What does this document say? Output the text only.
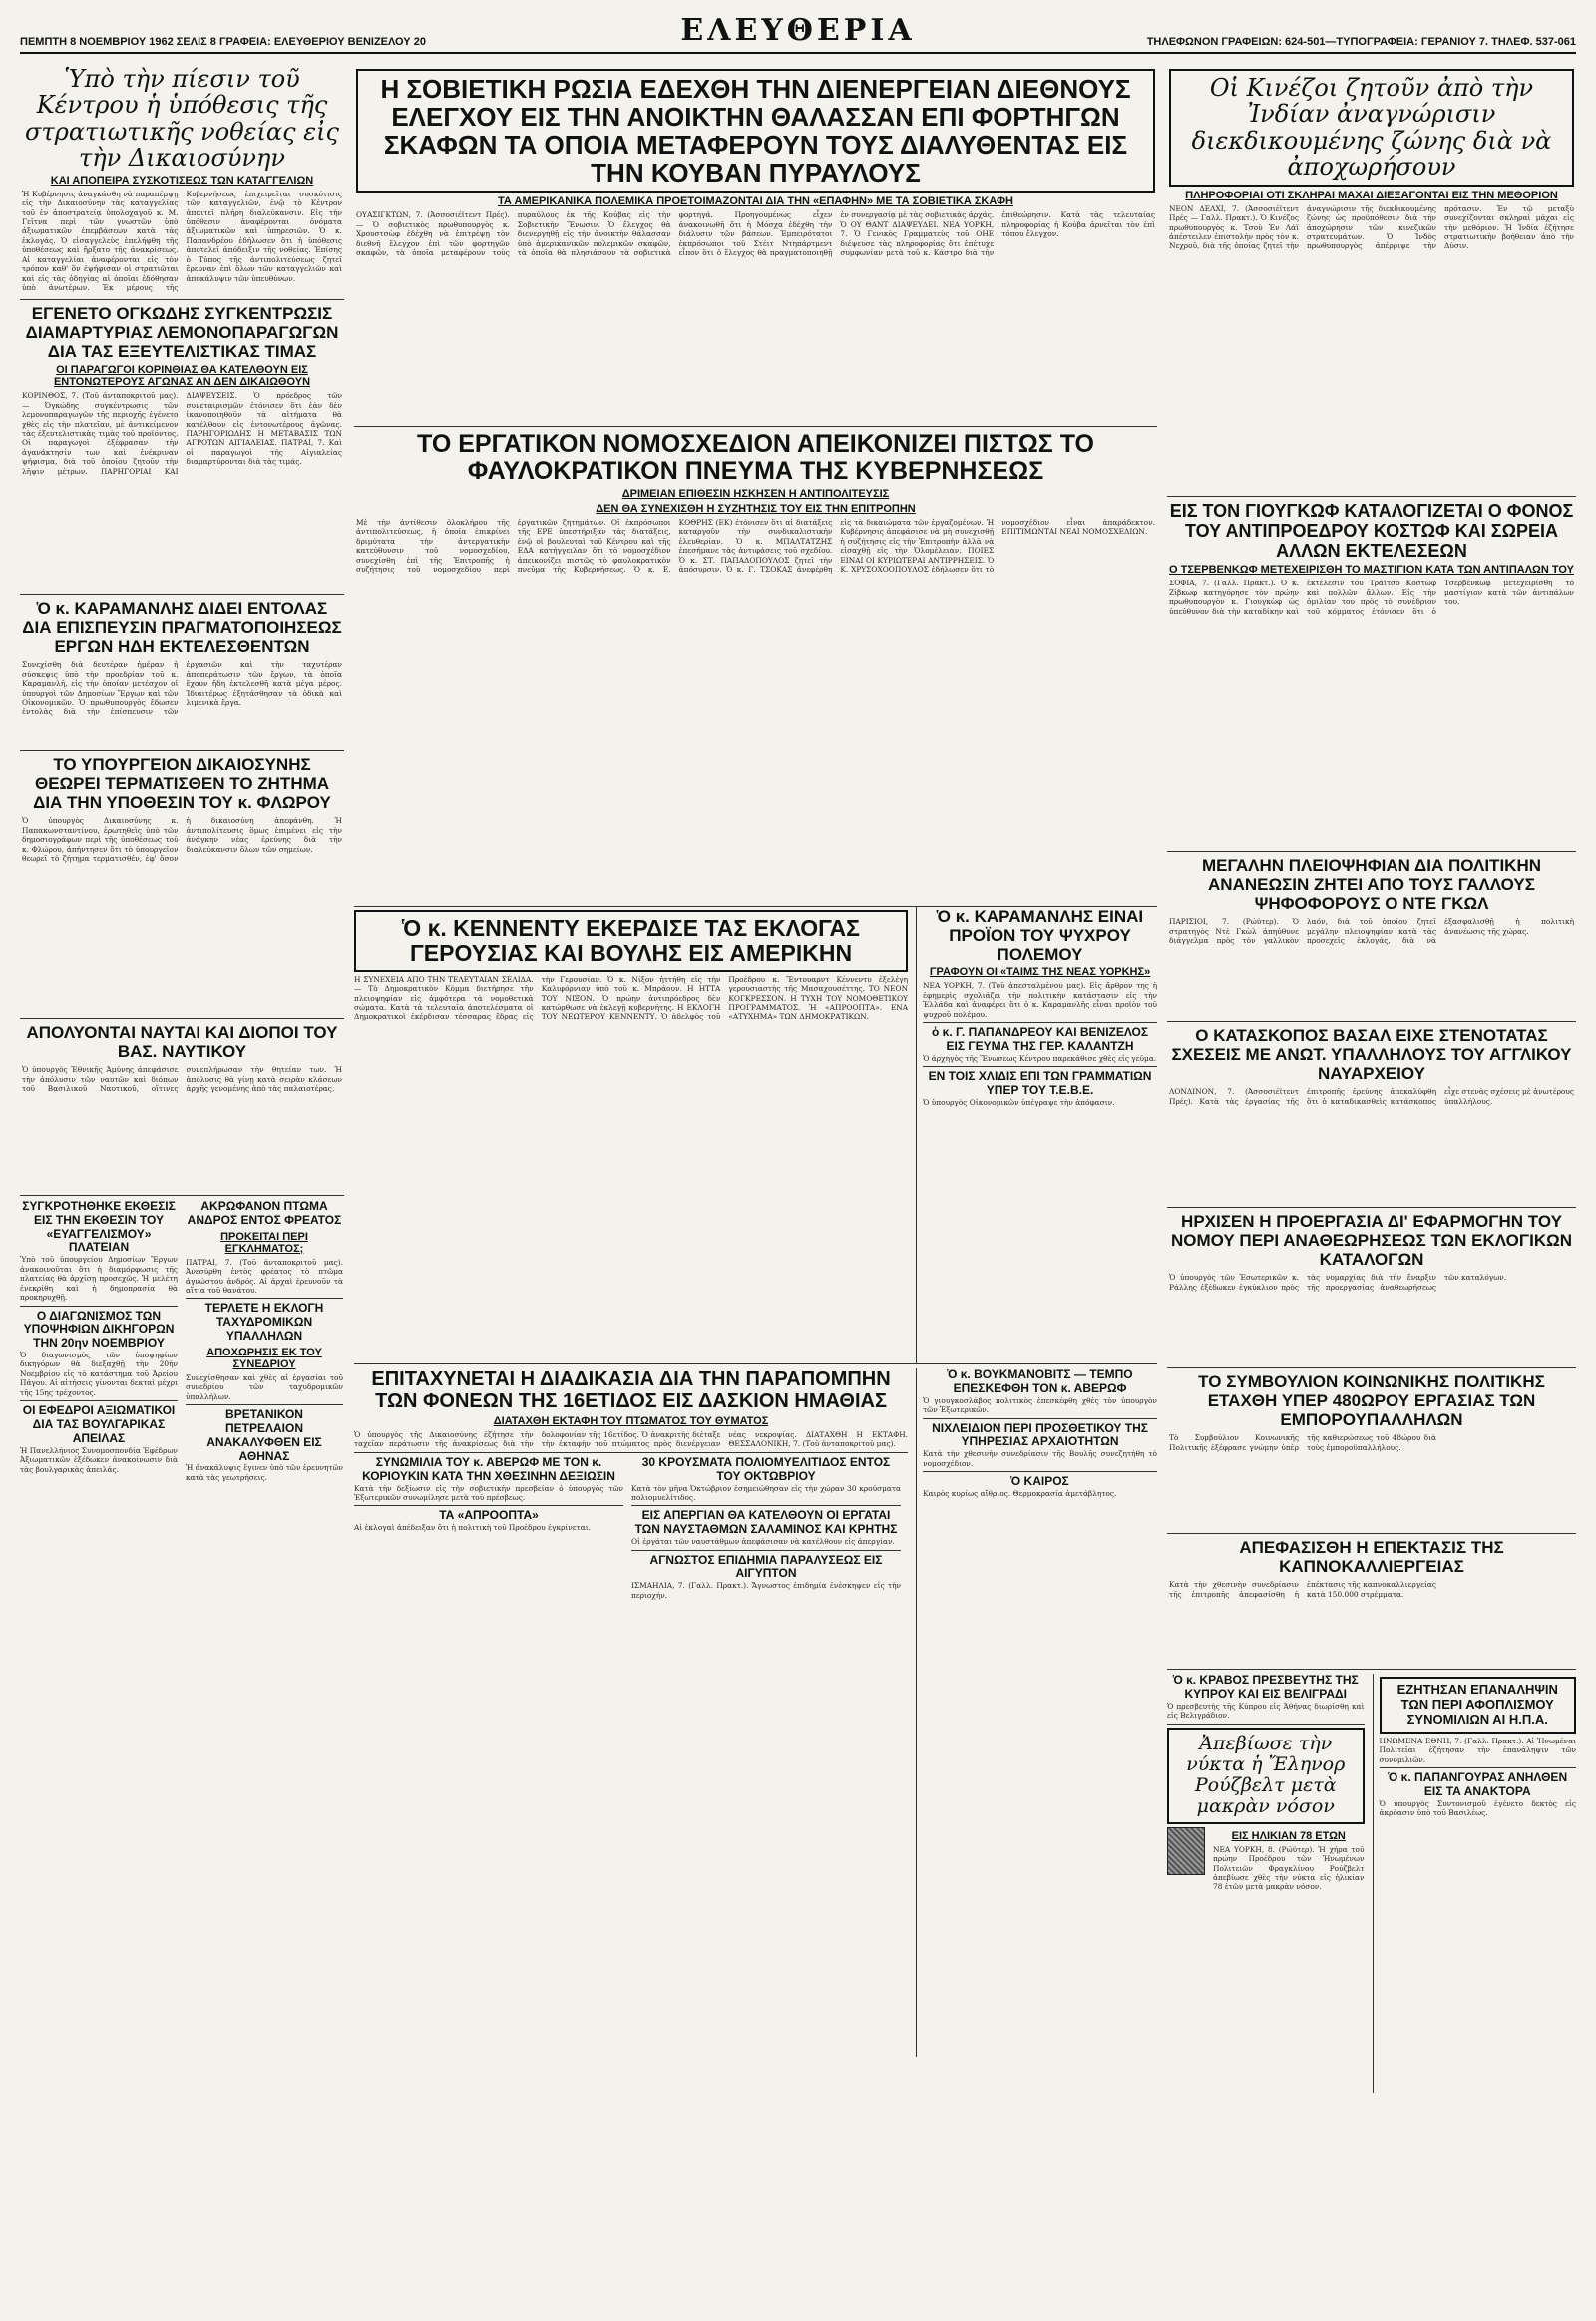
ΠΕΜΠΤΗ 8 ΝΟΕΜΒΡΙΟΥ 1962 ΣΕΛΙΣ 8 ΓΡΑΦΕΙΑ: ΕΛΕΥΘΕΡΙΟΥ ΒΕΝΙΖΕΛΟΥ 20	ΕΛΕΥΘΕΡΙΑ	ΤΗΛΕΦΩΝΟΝ ΓΡΑΦΕΙΩΝ: 624-501—ΤΥΠΟΓΡΑΦΕΙΑ: ΓΕΡΑΝΙΟΥ 7. ΤΗΛΕΦ. 537-061
Ὑπὸ τὴν πίεσιν τοῦ Κέντρου ἡ ὑπόθεσις τῆς στρατιωτικῆς νοθείας εἰς τὴν Δικαιοσύνην
ΚΑΙ ΑΠΟΠΕΙΡΑ ΣΥΣΚΟΤΙΣΕΩΣ ΤΩΝ ΚΑΤΑΓΓΕΛΙΩΝ
Ἡ Κυβέρνησις ἀναγκάσθη νὰ παραπέμψῃ εἰς τὴν Δικαιοσύνην τὰς καταγγελίας τοῦ ἐν ἀποστρατείᾳ ὑπολοχαγοῦ κ. Μ. Γεῖτνα περὶ τῶν γνωστῶν ὑπὸ ἀξιωματικῶν ἐπεμβάσεων κατὰ τὰς ἐκλογάς. Ὁ εἰσαγγελεὺς ἐπελήφθη τῆς ὑποθέσεως καὶ ἤρξατο τῆς ἀνακρίσεως. Αἱ καταγγελίαι ἀναφέρονται εἰς τὸν τρόπον καθ' ὃν ἐψήφισαν οἱ στρατιῶται καὶ εἰς τὰς ὁδηγίας αἱ ὁποῖαι ἐδόθησαν ὑπὸ ἀνωτέρων. Ἐκ μέρους τῆς Κυβερνήσεως ἐπιχειρεῖται συσκότισις τῶν καταγγελιῶν, ἐνῷ τὸ Κέντρον ἀπαιτεῖ πλήρη διαλεύκανσιν. Εἰς τὴν ὑπόθεσιν ἀναφέρονται ὀνόματα ἀξιωματικῶν καὶ ὑπηρεσιῶν. Ὁ κ. Παπανδρέου ἐδήλωσεν ὅτι ἡ ὑπόθεσις ἀποτελεῖ ἀπόδειξιν τῆς νοθείας. Ἐπίσης ὁ Τύπος τῆς ἀντιπολιτεύσεως ζητεῖ ἔρευναν ἐπὶ ὅλων τῶν καταγγελιῶν καὶ ἀποκάλυψιν τῶν ὑπευθύνων.
ΕΓΕΝΕΤΟ ΟΓΚΩΔΗΣ ΣΥΓΚΕΝΤΡΩΣΙΣ ΔΙΑΜΑΡΤΥΡΙΑΣ ΛΕΜΟΝΟΠΑΡΑΓΩΓΩΝ ΔΙΑ ΤΑΣ ΕΞΕΥΤΕΛΙΣΤΙΚΑΣ ΤΙΜΑΣ
ΟΙ ΠΑΡΑΓΩΓΟΙ ΚΟΡΙΝΘΙΑΣ ΘΑ ΚΑΤΕΛΘΟΥΝ ΕΙΣ ΕΝΤΟΝΩΤΕΡΟΥΣ ΑΓΩΝΑΣ ΑΝ ΔΕΝ ΔΙΚΑΙΩΘΟΥΝ
ΚΟΡΙΝΘΟΣ, 7. (Τοῦ ἀνταποκριτοῦ μας). — Ὀγκώδης συγκέντρωσις τῶν λεμονοπαραγωγῶν τῆς περιοχῆς ἐγένετο χθὲς εἰς τὴν πλατεῖαν, μὲ ἀντικείμενον τὰς ἐξευτελιστικὰς τιμὰς τοῦ προϊόντος. Οἱ παραγωγοὶ ἐξέφρασαν τὴν ἀγανάκτησίν των καὶ ἐνέκριναν ψήφισμα, διὰ τοῦ ὁποίου ζητοῦν τὴν λῆψιν μέτρων. ΠΑΡΗΓΟΡΙΑΙ ΚΑΙ ΔΙΑΨΕΥΣΕΙΣ. Ὁ πρόεδρος τῶν συνεταιρισμῶν ἐτόνισεν ὅτι ἐὰν δὲν ἱκανοποιηθοῦν τὰ αἰτήματα θὰ κατέλθουν εἰς ἐντονωτέρους ἀγῶνας. ΠΑΡΗΓΟΡΙΩΔΗΣ Η ΜΕΤΑΒΑΣΙΣ ΤΩΝ ΑΓΡΟΤΩΝ ΑΙΓΙΑΛΕΙΑΣ. ΠΑΤΡΑΙ, 7. Καὶ οἱ παραγωγοὶ τῆς Αἰγιαλείας διαμαρτύρονται διὰ τὰς τιμάς.
Ὁ κ. ΚΑΡΑΜΑΝΛΗΣ ΔΙΔΕΙ ΕΝΤΟΛΑΣ ΔΙΑ ΕΠΙΣΠΕΥΣΙΝ ΠΡΑΓΜΑΤΟΠΟΙΗΣΕΩΣ ΕΡΓΩΝ ΗΔΗ ΕΚΤΕΛΕΣΘΕΝΤΩΝ
Συνεχίσθη διὰ δευτέραν ἡμέραν ἡ σύσκεψις ὑπὸ τὴν προεδρίαν τοῦ κ. Καραμανλῆ, εἰς τὴν ὁποίαν μετέσχον οἱ ὑπουργοὶ τῶν Δημοσίων Ἔργων καὶ τῶν Οἰκονομικῶν. Ὁ πρωθυπουργὸς ἔδωσεν ἐντολὰς διὰ τὴν ἐπίσπευσιν τῶν ἐργασιῶν καὶ τὴν ταχυτέραν ἀποπεράτωσιν τῶν ἔργων, τὰ ὁποῖα ἔχουν ἤδη ἐκτελεσθῆ κατὰ μέγα μέρος. Ἰδιαιτέρως ἐξητάσθησαν τὰ ὁδικὰ καὶ λιμενικὰ ἔργα.
ΤΟ ΥΠΟΥΡΓΕΙΟΝ ΔΙΚΑΙΟΣΥΝΗΣ ΘΕΩΡΕΙ ΤΕΡΜΑΤΙΣΘΕΝ ΤΟ ΖΗΤΗΜΑ ΔΙΑ ΤΗΝ ΥΠΟΘΕΣΙΝ ΤΟΥ κ. ΦΛΩΡΟΥ
Ὁ ὑπουργὸς Δικαιοσύνης κ. Παπακωνσταντίνου, ἐρωτηθεὶς ὑπὸ τῶν δημοσιογράφων περὶ τῆς ὑποθέσεως τοῦ κ. Φλώρου, ἀπήντησεν ὅτι τὸ ὑπουργεῖον θεωρεῖ τὸ ζήτημα τερματισθέν, ἐφ' ὅσον ἡ δικαιοσύνη ἀπεφάνθη. Ἡ ἀντιπολίτευσις ὅμως ἐπιμένει εἰς τὴν ἀνάγκην νέας ἐρεύνης διὰ τὴν διαλεύκανσιν ὅλων τῶν σημείων.
ΑΠΟΛΥΟΝΤΑΙ ΝΑΥΤΑΙ ΚΑΙ ΔΙΟΠΟΙ ΤΟΥ ΒΑΣ. ΝΑΥΤΙΚΟΥ
Ὁ ὑπουργὸς Ἐθνικῆς Ἀμύνης ἀπεφάσισε τὴν ἀπόλυσιν τῶν ναυτῶν καὶ διόπων τοῦ Βασιλικοῦ Ναυτικοῦ, οἵτινες συνεπλήρωσαν τὴν θητείαν των. Ἡ ἀπόλυσις θὰ γίνῃ κατὰ σειρὰν κλάσεων ἀρχῆς γενομένης ἀπὸ τὰς παλαιοτέρας.
ΣΥΓΚΡΟΤΗΘΗΚΕ ΕΚΘΕΣΙΣ ΕΙΣ ΤΗΝ ΕΚΘΕΣΙΝ ΤΟΥ «ΕΥΑΓΓΕΛΙΣΜΟΥ» ΠΛΑΤΕΙΑΝ
Ὑπὸ τοῦ ὑπουργείου Δημοσίων Ἔργων ἀνακοινοῦται ὅτι ἡ διαμόρφωσις τῆς πλατείας θὰ ἀρχίσῃ προσεχῶς. Ἡ μελέτη ἐνεκρίθη καὶ ἡ δημοπρασία θὰ προκηρυχθῇ.
Ο ΔΙΑΓΩΝΙΣΜΟΣ ΤΩΝ ΥΠΟΨΗΦΙΩΝ ΔΙΚΗΓΟΡΩΝ ΤΗΝ 20ην ΝΟΕΜΒΡΙΟΥ
Ὁ διαγωνισμὸς τῶν ὑποψηφίων δικηγόρων θὰ διεξαχθῇ τὴν 20ὴν Νοεμβρίου εἰς τὸ κατάστημα τοῦ Ἀρείου Πάγου. Αἱ αἰτήσεις γίνονται δεκταὶ μέχρι τῆς 15ης τρέχοντος.
ΟΙ ΕΦΕΔΡΟΙ ΑΞΙΩΜΑΤΙΚΟΙ ΔΙΑ ΤΑΣ ΒΟΥΛΓΑΡΙΚΑΣ ΑΠΕΙΛΑΣ
Ἡ Πανελλήνιος Συνομοσπονδία Ἐφέδρων Ἀξιωματικῶν ἐξέδωκεν ἀνακοίνωσιν διὰ τὰς βουλγαρικὰς ἀπειλάς.
ΑΚΡΩΦΑΝΟΝ ΠΤΩΜΑ ΑΝΔΡΟΣ ΕΝΤΟΣ ΦΡΕΑΤΟΣ
ΠΡΟΚΕΙΤΑΙ ΠΕΡΙ ΕΓΚΛΗΜΑΤΟΣ;
ΠΑΤΡΑΙ, 7. (Τοῦ ἀνταποκριτοῦ μας). Ἀνεσύρθη ἐντὸς φρέατος τὸ πτῶμα ἀγνώστου ἀνδρός. Αἱ ἀρχαὶ ἐρευνοῦν τὰ αἴτια τοῦ θανάτου.
ΤΕΡΛΕΤΕ Η ΕΚΛΟΓΗ ΤΑΧΥΔΡΟΜΙΚΩΝ ΥΠΑΛΛΗΛΩΝ
ΑΠΟΧΩΡΗΣΙΣ ΕΚ ΤΟΥ ΣΥΝΕΔΡΙΟΥ
Συνεχίσθησαν καὶ χθὲς αἱ ἐργασίαι τοῦ συνεδρίου τῶν ταχυδρομικῶν ὑπαλλήλων.
ΒΡΕΤΑΝΙΚΟΝ ΠΕΤΡΕΛΑΙΟΝ ΑΝΑΚΑΛΥΦΘΕΝ ΕΙΣ ΑΘΗΝΑΣ
Ἡ ἀνακάλυψις ἔγινεν ὑπὸ τῶν ἐρευνητῶν κατὰ τὰς γεωτρήσεις.
Η ΣΟΒΙΕΤΙΚΗ ΡΩΣΙΑ ΕΔΕΧΘΗ ΤΗΝ ΔΙΕΝΕΡΓΕΙΑΝ ΔΙΕΘΝΟΥΣ ΕΛΕΓΧΟΥ ΕΙΣ ΤΗΝ ΑΝΟΙΚΤΗΝ ΘΑΛΑΣΣΑΝ ΕΠΙ ΦΟΡΤΗΓΩΝ ΣΚΑΦΩΝ ΤΑ ΟΠΟΙΑ ΜΕΤΑΦΕΡΟΥΝ ΤΟΥΣ ΔΙΑΛΥΘΕΝΤΑΣ ΕΙΣ ΤΗΝ ΚΟΥΒΑΝ ΠΥΡΑΥΛΟΥΣ
ΤΑ ΑΜΕΡΙΚΑΝΙΚΑ ΠΟΛΕΜΙΚΑ ΠΡΟΕΤΟΙΜΑΖΟΝΤΑΙ ΔΙΑ ΤΗΝ «ΕΠΑΦΗΝ» ΜΕ ΤΑ ΣΟΒΙΕΤΙΚΑ ΣΚΑΦΗ
ΟΥΑΣΙΓΚΤΩΝ, 7. (Ἀσσοσιέϊτεντ Πρές). — Ὁ σοβιετικὸς πρωθυπουργὸς κ. Χρουστσὼφ ἐδέχθη νὰ ἐπιτρέψῃ τὸν διεθνῆ ἔλεγχον ἐπὶ τῶν φορτηγῶν σκαφῶν, τὰ ὁποῖα μεταφέρουν τοὺς πυραύλους ἐκ τῆς Κούβας εἰς τὴν Σοβιετικὴν Ἕνωσιν. Ὁ ἔλεγχος θὰ διενεργηθῇ εἰς τὴν ἀνοικτὴν θάλασσαν ὑπὸ ἀμερικανικῶν πολεμικῶν σκαφῶν, τὰ ὁποῖα θὰ πλησιάσουν τὰ σοβιετικὰ φορτηγά. Προηγουμένως εἶχεν ἀνακοινωθῆ ὅτι ἡ Μόσχα ἐδέχθη τὴν διάλυσιν τῶν βάσεων. Ἐμπειρότατοι ἐκπρόσωποι τοῦ Στέιτ Ντηπάρτμεντ εἶπον ὅτι ὁ ἔλεγχος θὰ πραγματοποιηθῇ ἐν συνεργασίᾳ μὲ τὰς σοβιετικὰς ἀρχάς. Ὁ ΟΥ ΘΑΝΤ ΔΙΑΨΕΥΔΕΙ. ΝΕΑ ΥΟΡΚΗ, 7. Ὁ Γενικὸς Γραμματεὺς τοῦ ΟΗΕ διέψευσε τὰς πληροφορίας ὅτι ἐπέτυχε συμφωνίαν μετὰ τοῦ κ. Κάστρο διὰ τὴν ἐπιθεώρησιν. Κατὰ τὰς τελευταίας πληροφορίας ἡ Κούβα ἀρνεῖται τὸν ἐπὶ τόπου ἔλεγχον.
ΤΟ ΕΡΓΑΤΙΚΟΝ ΝΟΜΟΣΧΕΔΙΟΝ ΑΠΕΙΚΟΝΙΖΕΙ ΠΙΣΤΩΣ ΤΟ ΦΑΥΛΟΚΡΑΤΙΚΟΝ ΠΝΕΥΜΑ ΤΗΣ ΚΥΒΕΡΝΗΣΕΩΣ
ΔΡΙΜΕΙΑΝ ΕΠΙΘΕΣΙΝ ΗΣΚΗΣΕΝ Η ΑΝΤΙΠΟΛΙΤΕΥΣΙΣ
ΔΕΝ ΘΑ ΣΥΝΕΧΙΣΘΗ Η ΣΥΖΗΤΗΣΙΣ ΤΟΥ ΕΙΣ ΤΗΝ ΕΠΙΤΡΟΠΗΝ
Μὲ τὴν ἀντίθεσιν ὁλοκλήρου τῆς ἀντιπολιτεύσεως, ἡ ὁποία ἐπικρίνει δριμύτατα τὴν ἀντεργατικὴν κατεύθυνσιν τοῦ νομοσχεδίου, συνεχίσθη ἐπὶ τῆς Ἐπιτροπῆς ἡ συζήτησις τοῦ νομοσχεδίου περὶ ἐργατικῶν ζητημάτων. Οἱ ἐκπρόσωποι τῆς ΕΡΕ ὑπεστήριξαν τὰς διατάξεις, ἐνῷ οἱ βουλευταὶ τοῦ Κέντρου καὶ τῆς ΕΔΑ κατήγγειλαν ὅτι τὸ νομοσχέδιον ἀπεικονίζει πιστῶς τὸ φαυλοκρατικὸν πνεῦμα τῆς Κυβερνήσεως. Ὁ κ. Ε. ΚΟΘΡΗΣ (ΕΚ) ἐτόνισεν ὅτι αἱ διατάξεις καταργοῦν τὴν συνδικαλιστικὴν ἐλευθερίαν. Ὁ κ. ΜΠΑΛΤΑΤΖΗΣ ἐπεσήμανε τὰς ἀντιφάσεις τοῦ σχεδίου. Ὁ κ. ΣΤ. ΠΑΠΑΔΟΠΟΥΛΟΣ ζητεῖ τὴν ἀπόσυρσιν. Ὁ κ. Γ. ΤΣΟΚΑΣ ἀνεφέρθη εἰς τὰ δικαιώματα τῶν ἐργαζομένων. Ἡ Κυβέρνησις ἀπεφάσισε νὰ μὴ συνεχισθῇ ἡ συζήτησις εἰς τὴν Ἐπιτροπὴν ἀλλὰ νὰ εἰσαχθῇ εἰς τὴν Ὁλομέλειαν. ΠΟΙΕΣ ΕΙΝΑΙ ΟΙ ΚΥΡΙΩΤΕΡΑΙ ΑΝΤΙΡΡΗΣΕΙΣ. Ὁ Κ. ΧΡΥΣΟΧΟΟΠΟΥΛΟΣ ἐδήλωσεν ὅτι τὸ νομοσχέδιον εἶναι ἀπαράδεκτον. ΕΠΙΤΙΜΩΝΤΑΙ ΝΕΑΙ ΝΟΜΟΣΧΕΔΙΩΝ.
Ὁ κ. ΚΕΝΝΕΝΤΥ ΕΚΕΡΔΙΣΕ ΤΑΣ ΕΚΛΟΓΑΣ ΓΕΡΟΥΣΙΑΣ ΚΑΙ ΒΟΥΛΗΣ ΕΙΣ ΑΜΕΡΙΚΗΝ
Η ΣΥΝΕΧΕΙΑ ΑΠΟ ΤΗΝ ΤΕΛΕΥΤΑΙΑΝ ΣΕΛΙΔΑ. — Τὸ Δημοκρατικὸν Κόμμα διετήρησε τὴν πλειοψηφίαν εἰς ἀμφότερα τὰ νομοθετικὰ σώματα. Κατὰ τὰ τελευταῖα ἀποτελέσματα οἱ Δημοκρατικοὶ ἐκέρδισαν τέσσαρας ἕδρας εἰς τὴν Γερουσίαν. Ὁ κ. Νίξον ἡττήθη εἰς τὴν Καλιφόρνιαν ὑπὸ τοῦ κ. Μπράουν. Η ΗΤΤΑ ΤΟΥ ΝΙΞΟΝ. Ὁ πρώην ἀντιπρόεδρος δὲν κατώρθωσε νὰ ἐκλεγῇ κυβερνήτης. Η ΕΚΛΟΓΗ ΤΟΥ ΝΕΩΤΕΡΟΥ ΚΕΝΝΕΝΤΥ. Ὁ ἀδελφὸς τοῦ Προέδρου κ. Ἔντουαρντ Κέννεντυ ἐξελέγη γερουσιαστὴς τῆς Μασαχουσέττης. ΤΟ ΝΕΟΝ ΚΟΓΚΡΕΣΣΟΝ. Η ΤΥΧΗ ΤΟΥ ΝΟΜΟΘΕΤΙΚΟΥ ΠΡΟΓΡΑΜΜΑΤΟΣ. Ἡ «ΑΠΡΟΟΠΤΑ». ΕΝΑ «ΑΤΥΧΗΜΑ» ΤΩΝ ΔΗΜΟΚΡΑΤΙΚΩΝ.
Ὁ κ. ΚΑΡΑΜΑΝΛΗΣ ΕΙΝΑΙ ΠΡΟΪΟΝ ΤΟΥ ΨΥΧΡΟΥ ΠΟΛΕΜΟΥ
ΓΡΑΦΟΥΝ ΟΙ «ΤΑΙΜΣ ΤΗΣ ΝΕΑΣ ΥΟΡΚΗΣ»
ΝΕΑ ΥΟΡΚΗ, 7. (Τοῦ ἀπεσταλμένου μας). Εἰς ἄρθρον της ἡ ἐφημερὶς σχολιάζει τὴν πολιτικὴν κατάστασιν εἰς τὴν Ἑλλάδα καὶ ἀναφέρει ὅτι ὁ κ. Καραμανλῆς εἶναι προϊὸν τοῦ ψυχροῦ πολέμου.
ὁ κ. Γ. ΠΑΠΑΝΔΡΕΟΥ ΚΑΙ ΒΕΝΙΖΕΛΟΣ ΕΙΣ ΓΕΥΜΑ ΤΗΣ ΓΕΡ. ΚΑΛΑΝΤΖΗ
Ὁ ἀρχηγὸς τῆς Ἕνωσεως Κέντρου παρεκάθισε χθὲς εἰς γεῦμα.
ΕΝ ΤΟΙΣ ΧΛΙΔΙΣ ΕΠΙ ΤΩΝ ΓΡΑΜΜΑΤΙΩΝ ΥΠΕΡ ΤΟΥ Τ.Ε.Β.Ε.
Ὁ ὑπουργὸς Οἰκονομικῶν ὑπέγραψε τὴν ἀπόφασιν.
ΕΠΙΤΑΧΥΝΕΤΑΙ Η ΔΙΑΔΙΚΑΣΙΑ ΔΙΑ ΤΗΝ ΠΑΡΑΠΟΜΠΗΝ ΤΩΝ ΦΟΝΕΩΝ ΤΗΣ 16ΕΤΙΔΟΣ ΕΙΣ ΔΑΣΚΙΟΝ ΗΜΑΘΙΑΣ
ΔΙΑΤΑΧΘΗ ΕΚΤΑΦΗ ΤΟΥ ΠΤΩΜΑΤΟΣ ΤΟΥ ΘΥΜΑΤΟΣ
Ὁ ὑπουργὸς τῆς Δικαιοσύνης ἐζήτησε τὴν ταχεῖαν περάτωσιν τῆς ἀνακρίσεως διὰ τὴν δολοφονίαν τῆς 16ετίδος. Ὁ ἀνακριτὴς διέταξε τὴν ἐκταφὴν τοῦ πτώματος πρὸς διενέργειαν νέας νεκροψίας. ΔΙΑΤΑΧΘΗ Η ΕΚΤΑΦΗ. ΘΕΣΣΑΛΟΝΙΚΗ, 7. (Τοῦ ἀνταποκριτοῦ μας).
ΣΥΝΩΜΙΛΙΑ ΤΟΥ κ. ΑΒΕΡΩΦ ΜΕ ΤΟΝ κ. ΚΟΡΙΟΥΚΙΝ ΚΑΤΑ ΤΗΝ ΧΘΕΣΙΝΗΝ ΔΕΞΙΩΣΙΝ
Κατὰ τὴν δεξίωσιν εἰς τὴν σοβιετικὴν πρεσβείαν ὁ ὑπουργὸς τῶν Ἐξωτερικῶν συνωμίλησε μετὰ τοῦ πρέσβεως.
ΤΑ «ΑΠΡΟΟΠΤΑ»
Αἱ ἐκλογαὶ ἀπέδειξαν ὅτι ἡ πολιτικὴ τοῦ Προέδρου ἐγκρίνεται.
30 ΚΡΟΥΣΜΑΤΑ ΠΟΛΙΟΜΥΕΛΙΤΙΔΟΣ ΕΝΤΟΣ ΤΟΥ ΟΚΤΩΒΡΙΟΥ
Κατὰ τὸν μῆνα Ὀκτώβριον ἐσημειώθησαν εἰς τὴν χώραν 30 κρούσματα πολιομυελίτιδος.
ΕΙΣ ΑΠΕΡΓΙΑΝ ΘΑ ΚΑΤΕΛΘΟΥΝ ΟΙ ΕΡΓΑΤΑΙ ΤΩΝ ΝΑΥΣΤΑΘΜΩΝ ΣΑΛΑΜΙΝΟΣ ΚΑΙ ΚΡΗΤΗΣ
Οἱ ἐργάται τῶν ναυστάθμων ἀπεφάσισαν νὰ κατέλθουν εἰς ἀπεργίαν.
ΑΓΝΩΣΤΟΣ ΕΠΙΔΗΜΙΑ ΠΑΡΑΛΥΣΕΩΣ ΕΙΣ ΑΙΓΥΠΤΟΝ
ΙΣΜΑΗΛΙΑ, 7. (Γαλλ. Πρακτ.). Ἄγνωστος ἐπιδημία ἐνέσκηψεν εἰς τὴν περιοχήν.
Ὁ κ. ΒΟΥΚΜΑΝΟΒΙΤΣ — ΤΕΜΠΟ ΕΠΕΣΚΕΦΘΗ ΤΟΝ κ. ΑΒΕΡΩΦ
Ὁ γιουγκοσλάβος πολιτικὸς ἐπεσκέφθη χθὲς τὸν ὑπουργὸν τῶν Ἐξωτερικῶν.
ΝΙΧΛΕΙΔΙΟΝ ΠΕΡΙ ΠΡΟΣΘΕΤΙΚΟΥ ΤΗΣ ΥΠΗΡΕΣΙΑΣ ΑΡΧΑΙΟΤΗΤΩΝ
Κατὰ τὴν χθεσινὴν συνεδρίασιν τῆς Βουλῆς συνεζητήθη τὸ νομοσχέδιον.
Ὁ ΚΑΙΡΟΣ
Καιρὸς κυρίως αἴθριος. Θερμοκρασία ἀμετάβλητος.
Οἱ Κινέζοι ζητοῦν ἀπὸ τὴν Ἰνδίαν ἀναγνώρισιν διεκδικουμένης ζώνης διὰ νὰ ἀποχωρήσουν
ΠΛΗΡΟΦΟΡΙΑΙ ΟΤΙ ΣΚΛΗΡΑΙ ΜΑΧΑΙ ΔΙΕΞΑΓΟΝΤΑΙ ΕΙΣ ΤΗΝ ΜΕΘΟΡΙΟΝ
ΝΕΟΝ ΔΕΛΧΙ, 7. (Ἀσσοσιέϊτεντ Πρές — Γαλλ. Πρακτ.). Ὁ Κινέζος πρωθυπουργὸς κ. Τσοὺ Ἐν Λάϊ ἀπέστειλεν ἐπιστολὴν πρὸς τὸν κ. Νεχροῦ, διὰ τῆς ὁποίας ζητεῖ τὴν ἀναγνώρισιν τῆς διεκδικουμένης ζώνης ὡς προϋπόθεσιν διὰ τὴν ἀποχώρησιν τῶν κινεζικῶν στρατευμάτων. Ὁ Ἰνδὸς πρωθυπουργὸς ἀπέρριψε τὴν πρότασιν. Ἐν τῷ μεταξὺ συνεχίζονται σκληραὶ μάχαι εἰς τὴν μεθόριον. Ἡ Ἰνδία ἐζήτησε στρατιωτικὴν βοήθειαν ἀπὸ τὴν Δύσιν.
ΕΙΣ ΤΟΝ ΓΙΟΥΓΚΩΦ ΚΑΤΑΛΟΓΙΖΕΤΑΙ Ο ΦΟΝΟΣ ΤΟΥ ΑΝΤΙΠΡΟΕΔΡΟΥ ΚΟΣΤΩΦ ΚΑΙ ΣΩΡΕΙΑ ΑΛΛΩΝ ΕΚΤΕΛΕΣΕΩΝ
Ο ΤΣΕΡΒΕΝΚΩΦ ΜΕΤΕΧΕΙΡΙΣΘΗ ΤΟ ΜΑΣΤΙΓΙΟΝ ΚΑΤΑ ΤΩΝ ΑΝΤΙΠΑΛΩΝ ΤΟΥ
ΣΟΦΙΑ, 7. (Γαλλ. Πρακτ.). Ὁ κ. Ζίβκωφ κατηγόρησε τὸν πρώην πρωθυπουργὸν κ. Γιουγκὼφ ὡς ὑπεύθυνον διὰ τὴν καταδίκην καὶ ἐκτέλεσιν τοῦ Τράϊτσο Κοστὼφ καὶ πολλῶν ἄλλων. Εἰς τὴν ὁμιλίαν του πρὸς τὸ συνέδριον τοῦ κόμματος ἐτόνισεν ὅτι ὁ Τσερβένκωφ μετεχειρίσθη τὸ μαστίγιον κατὰ τῶν ἀντιπάλων του.
ΜΕΓΑΛΗΝ ΠΛΕΙΟΨΗΦΙΑΝ ΔΙΑ ΠΟΛΙΤΙΚΗΝ ΑΝΑΝΕΩΣΙΝ ΖΗΤΕΙ ΑΠΟ ΤΟΥΣ ΓΑΛΛΟΥΣ ΨΗΦΟΦΟΡΟΥΣ Ο ΝΤΕ ΓΚΩΛ
ΠΑΡΙΣΙΟΙ, 7. (Ρώϋτερ). Ὁ στρατηγὸς Ντὲ Γκὼλ ἀπηύθυνε διάγγελμα πρὸς τὸν γαλλικὸν λαόν, διὰ τοῦ ὁποίου ζητεῖ μεγάλην πλειοψηφίαν κατὰ τὰς προσεχεῖς ἐκλογάς, διὰ νὰ ἐξασφαλισθῇ ἡ πολιτικὴ ἀνανέωσις τῆς χώρας.
Ο ΚΑΤΑΣΚΟΠΟΣ ΒΑΣΑΛ ΕΙΧΕ ΣΤΕΝΟΤΑΤΑΣ ΣΧΕΣΕΙΣ ΜΕ ΑΝΩΤ. ΥΠΑΛΛΗΛΟΥΣ ΤΟΥ ΑΓΓΛΙΚΟΥ ΝΑΥΑΡΧΕΙΟΥ
ΛΟΝΔΙΝΟΝ, 7. (Ἀσσοσιέϊτεντ Πρές). Κατὰ τὰς ἐργασίας τῆς ἐπιτροπῆς ἐρεύνης ἀπεκαλύφθη ὅτι ὁ καταδικασθεὶς κατάσκοπος εἶχε στενὰς σχέσεις μὲ ἀνωτέρους ὑπαλλήλους.
ΗΡΧΙΣΕΝ Η ΠΡΟΕΡΓΑΣΙΑ ΔΙ' ΕΦΑΡΜΟΓΗΝ ΤΟΥ ΝΟΜΟΥ ΠΕΡΙ ΑΝΑΘΕΩΡΗΣΕΩΣ ΤΩΝ ΕΚΛΟΓΙΚΩΝ ΚΑΤΑΛΟΓΩΝ
Ὁ ὑπουργὸς τῶν Ἐσωτερικῶν κ. Ράλλης ἐξέδωκεν ἐγκύκλιον πρὸς τὰς νομαρχίας διὰ τὴν ἔναρξιν τῆς προεργασίας ἀναθεωρήσεως τῶν καταλόγων.
ΤΟ ΣΥΜΒΟΥΛΙΟΝ ΚΟΙΝΩΝΙΚΗΣ ΠΟΛΙΤΙΚΗΣ ΕΤΑΧΘΗ ΥΠΕΡ 480ΩΡΟΥ ΕΡΓΑΣΙΑΣ ΤΩΝ ΕΜΠΟΡΟΥΠΑΛΛΗΛΩΝ
Τὸ Συμβούλιον Κοινωνικῆς Πολιτικῆς ἐξέφρασε γνώμην ὑπὲρ τῆς καθιερώσεως τοῦ 48ώρου διὰ τοὺς ἐμποροϋπαλλήλους.
ΑΠΕΦΑΣΙΣΘΗ Η ΕΠΕΚΤΑΣΙΣ ΤΗΣ ΚΑΠΝΟΚΑΛΛΙΕΡΓΕΙΑΣ
Κατὰ τὴν χθεσινὴν συνεδρίασιν τῆς ἐπιτροπῆς ἀπεφασίσθη ἡ ἐπέκτασις τῆς καπνοκαλλιεργείας κατὰ 150.000 στρέμματα.
Ὁ κ. ΚΡΑΒΟΣ ΠΡΕΣΒΕΥΤΗΣ ΤΗΣ ΚΥΠΡΟΥ ΚΑΙ ΕΙΣ ΒΕΛΙΓΡΑΔΙ
Ὁ πρεσβευτὴς τῆς Κύπρου εἰς Ἀθήνας διωρίσθη καὶ εἰς Βελιγράδιον.
Ἀπεβίωσε τὴν νύκτα ἡ Ἔληνορ Ρούζβελτ μετὰ μακρὰν νόσον
ΕΙΣ ΗΛΙΚΙΑΝ 78 ΕΤΩΝ
ΝΕΑ ΥΟΡΚΗ, 8. (Ρώϋτερ). Ἡ χήρα τοῦ πρώην Προέδρου τῶν Ἡνωμένων Πολιτειῶν Φραγκλίνου Ρούζβελτ ἀπεβίωσε χθὲς τὴν νύκτα εἰς ἡλικίαν 78 ἐτῶν μετὰ μακρὰν νόσον.
ΕΖΗΤΗΣΑΝ ΕΠΑΝΑΛΗΨΙΝ ΤΩΝ ΠΕΡΙ ΑΦΟΠΛΙΣΜΟΥ ΣΥΝΟΜΙΛΙΩΝ ΑΙ Η.Π.Α.
ΗΝΩΜΕΝΑ ΕΘΝΗ, 7. (Γαλλ. Πρακτ.). Αἱ Ἡνωμέναι Πολιτεῖαι ἐζήτησαν τὴν ἐπανάληψιν τῶν συνομιλιῶν.
Ὁ κ. ΠΑΠΑΝΓΟΥΡΑΣ ΑΝΗΛΘΕΝ ΕΙΣ ΤΑ ΑΝΑΚΤΟΡΑ
Ὁ ὑπουργὸς Συντονισμοῦ ἐγένετο δεκτὸς εἰς ἀκρόασιν ὑπὸ τοῦ Βασιλέως.
